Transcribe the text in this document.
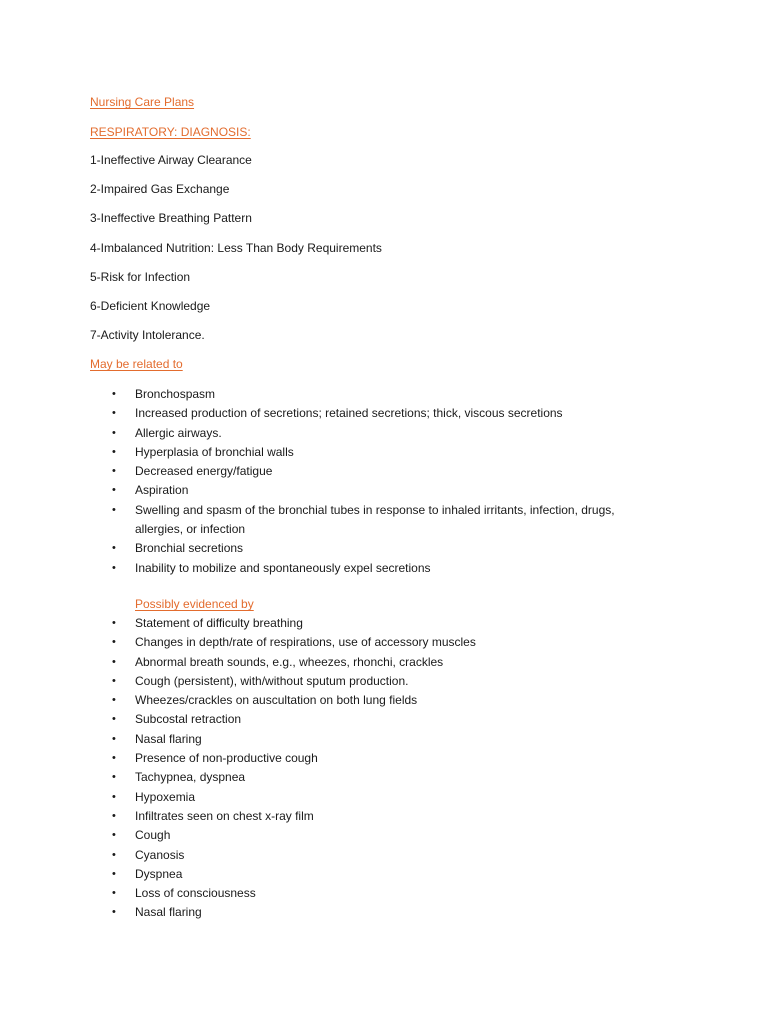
Nursing Care Plans
RESPIRATORY: DIAGNOSIS:
1-Ineffective Airway Clearance
2-Impaired Gas Exchange
3-Ineffective Breathing Pattern
4-Imbalanced Nutrition: Less Than Body Requirements
5-Risk for Infection
6-Deficient Knowledge
7-Activity Intolerance.
May be related to
• Bronchospasm
• Increased production of secretions; retained secretions; thick, viscous secretions
• Allergic airways.
• Hyperplasia of bronchial walls
• Decreased energy/fatigue
• Aspiration
• Swelling and spasm of the bronchial tubes in response to inhaled irritants, infection, drugs, allergies, or infection
• Bronchial secretions
• Inability to mobilize and spontaneously expel secretions
Possibly evidenced by
• Statement of difficulty breathing
• Changes in depth/rate of respirations, use of accessory muscles
• Abnormal breath sounds, e.g., wheezes, rhonchi, crackles
• Cough (persistent), with/without sputum production.
• Wheezes/crackles on auscultation on both lung fields
• Subcostal retraction
• Nasal flaring
• Presence of non-productive cough
• Tachypnea, dyspnea
• Hypoxemia
• Infiltrates seen on chest x-ray film
• Cough
• Cyanosis
• Dyspnea
• Loss of consciousness
• Nasal flaring
